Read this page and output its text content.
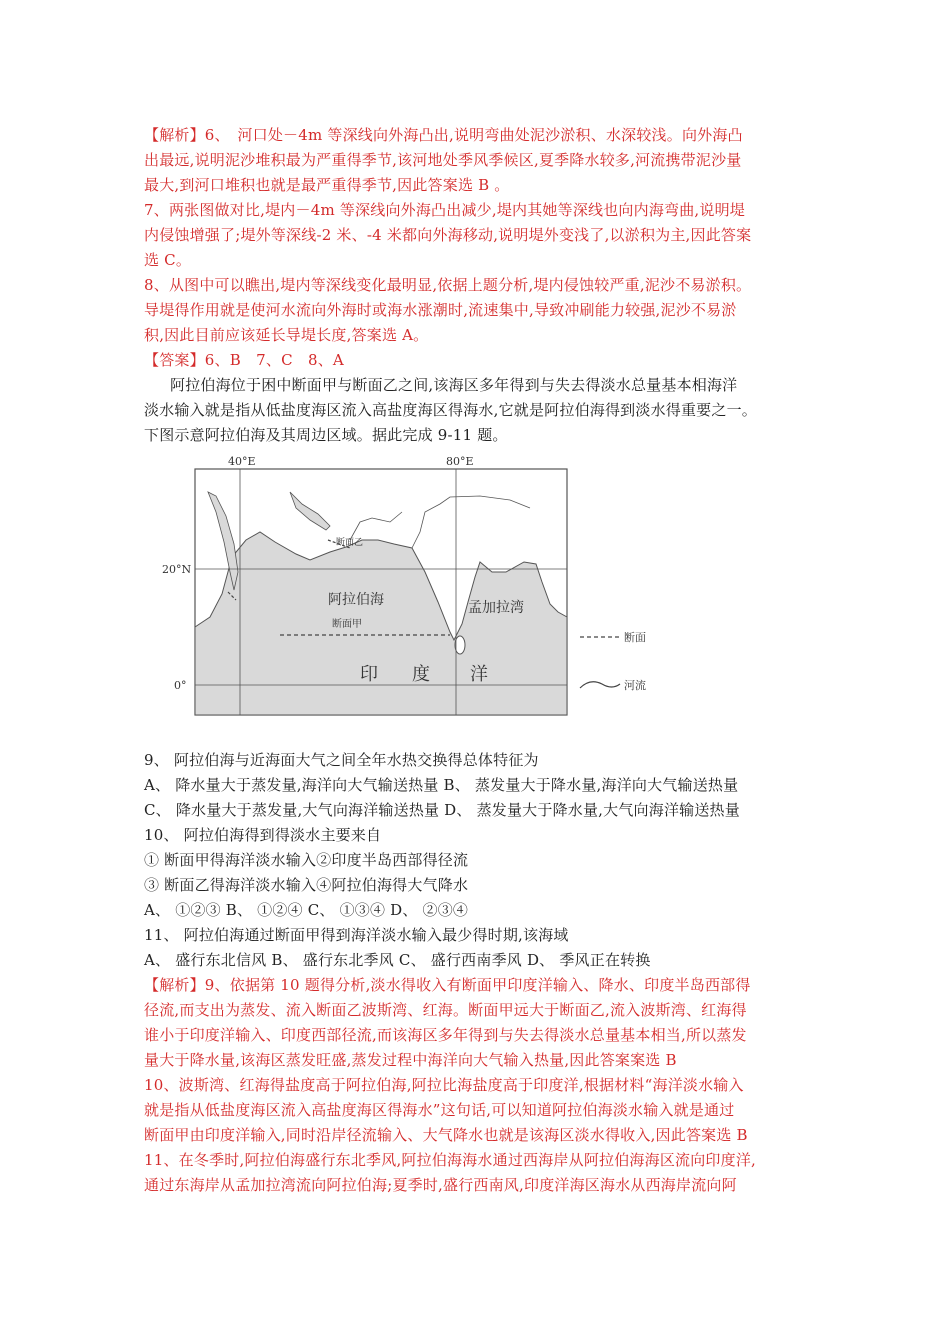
【解析】6、　河口处－4m 等深线向外海凸出,说明弯曲处泥沙淤积、水深较浅。向外海凸
出最远,说明泥沙堆积最为严重得季节,该河地处季风季候区,夏季降水较多,河流携带泥沙量
最大,到河口堆积也就是最严重得季节,因此答案选 B 。
7、两张图做对比,堤内－4m 等深线向外海凸出减少,堤内其她等深线也向内海弯曲,说明堤
内侵蚀增强了;堤外等深线-2 米、-4 米都向外海移动,说明堤外变浅了,以淤积为主,因此答案
选 C。
8、从图中可以瞧出,堤内等深线变化最明显,依据上题分析,堤内侵蚀较严重,泥沙不易淤积。
导堤得作用就是使河水流向外海时或海水涨潮时,流速集中,导致冲刷能力较强,泥沙不易淤
积,因此目前应该延长导堤长度,答案选 A。
【答案】6、B　7、C　8、A
阿拉伯海位于困中断面甲与断面乙之间,该海区多年得到与失去得淡水总量基本相海洋
淡水输入就是指从低盐度海区流入高盐度海区得海水,它就是阿拉伯海得到淡水得重要之一。
下图示意阿拉伯海及其周边区域。据此完成 9-11 题。
40°E	80°E
20°N
0°
阿拉伯海	孟加拉湾
断面甲
断面乙
印 度 洋
断面
河流
9、 阿拉伯海与近海面大气之间全年水热交换得总体特征为
A、 降水量大于蒸发量,海洋向大气输送热量 B、 蒸发量大于降水量,海洋向大气输送热量
C、 降水量大于蒸发量,大气向海洋输送热量 D、 蒸发量大于降水量,大气向海洋输送热量
10、 阿拉伯海得到得淡水主要来自
① 断面甲得海洋淡水输入②印度半岛西部得径流
③ 断面乙得海洋淡水输入④阿拉伯海得大气降水
A、 ①②③ B、 ①②④ C、 ①③④ D、 ②③④
11、 阿拉伯海通过断面甲得到海洋淡水输入最少得时期,该海域
A、 盛行东北信风 B、 盛行东北季风 C、 盛行西南季风 D、 季风正在转换
【解析】9、依据第 10 题得分析,淡水得收入有断面甲印度洋输入、降水、印度半岛西部得
径流,而支出为蒸发、流入断面乙波斯湾、红海。断面甲远大于断面乙,流入波斯湾、红海得
谁小于印度洋输入、印度西部径流,而该海区多年得到与失去得淡水总量基本相当,所以蒸发
量大于降水量,该海区蒸发旺盛,蒸发过程中海洋向大气输入热量,因此答案案选 B
10、波斯湾、红海得盐度高于阿拉伯海,阿拉比海盐度高于印度洋,根据材料“海洋淡水输入
就是指从低盐度海区流入高盐度海区得海水”这句话,可以知道阿拉伯海淡水输入就是通过
断面甲由印度洋输入,同时沿岸径流输入、大气降水也就是该海区淡水得收入,因此答案选 B
11、在冬季时,阿拉伯海盛行东北季风,阿拉伯海海水通过西海岸从阿拉伯海海区流向印度洋,
通过东海岸从孟加拉湾流向阿拉伯海;夏季时,盛行西南风,印度洋海区海水从西海岸流向阿
